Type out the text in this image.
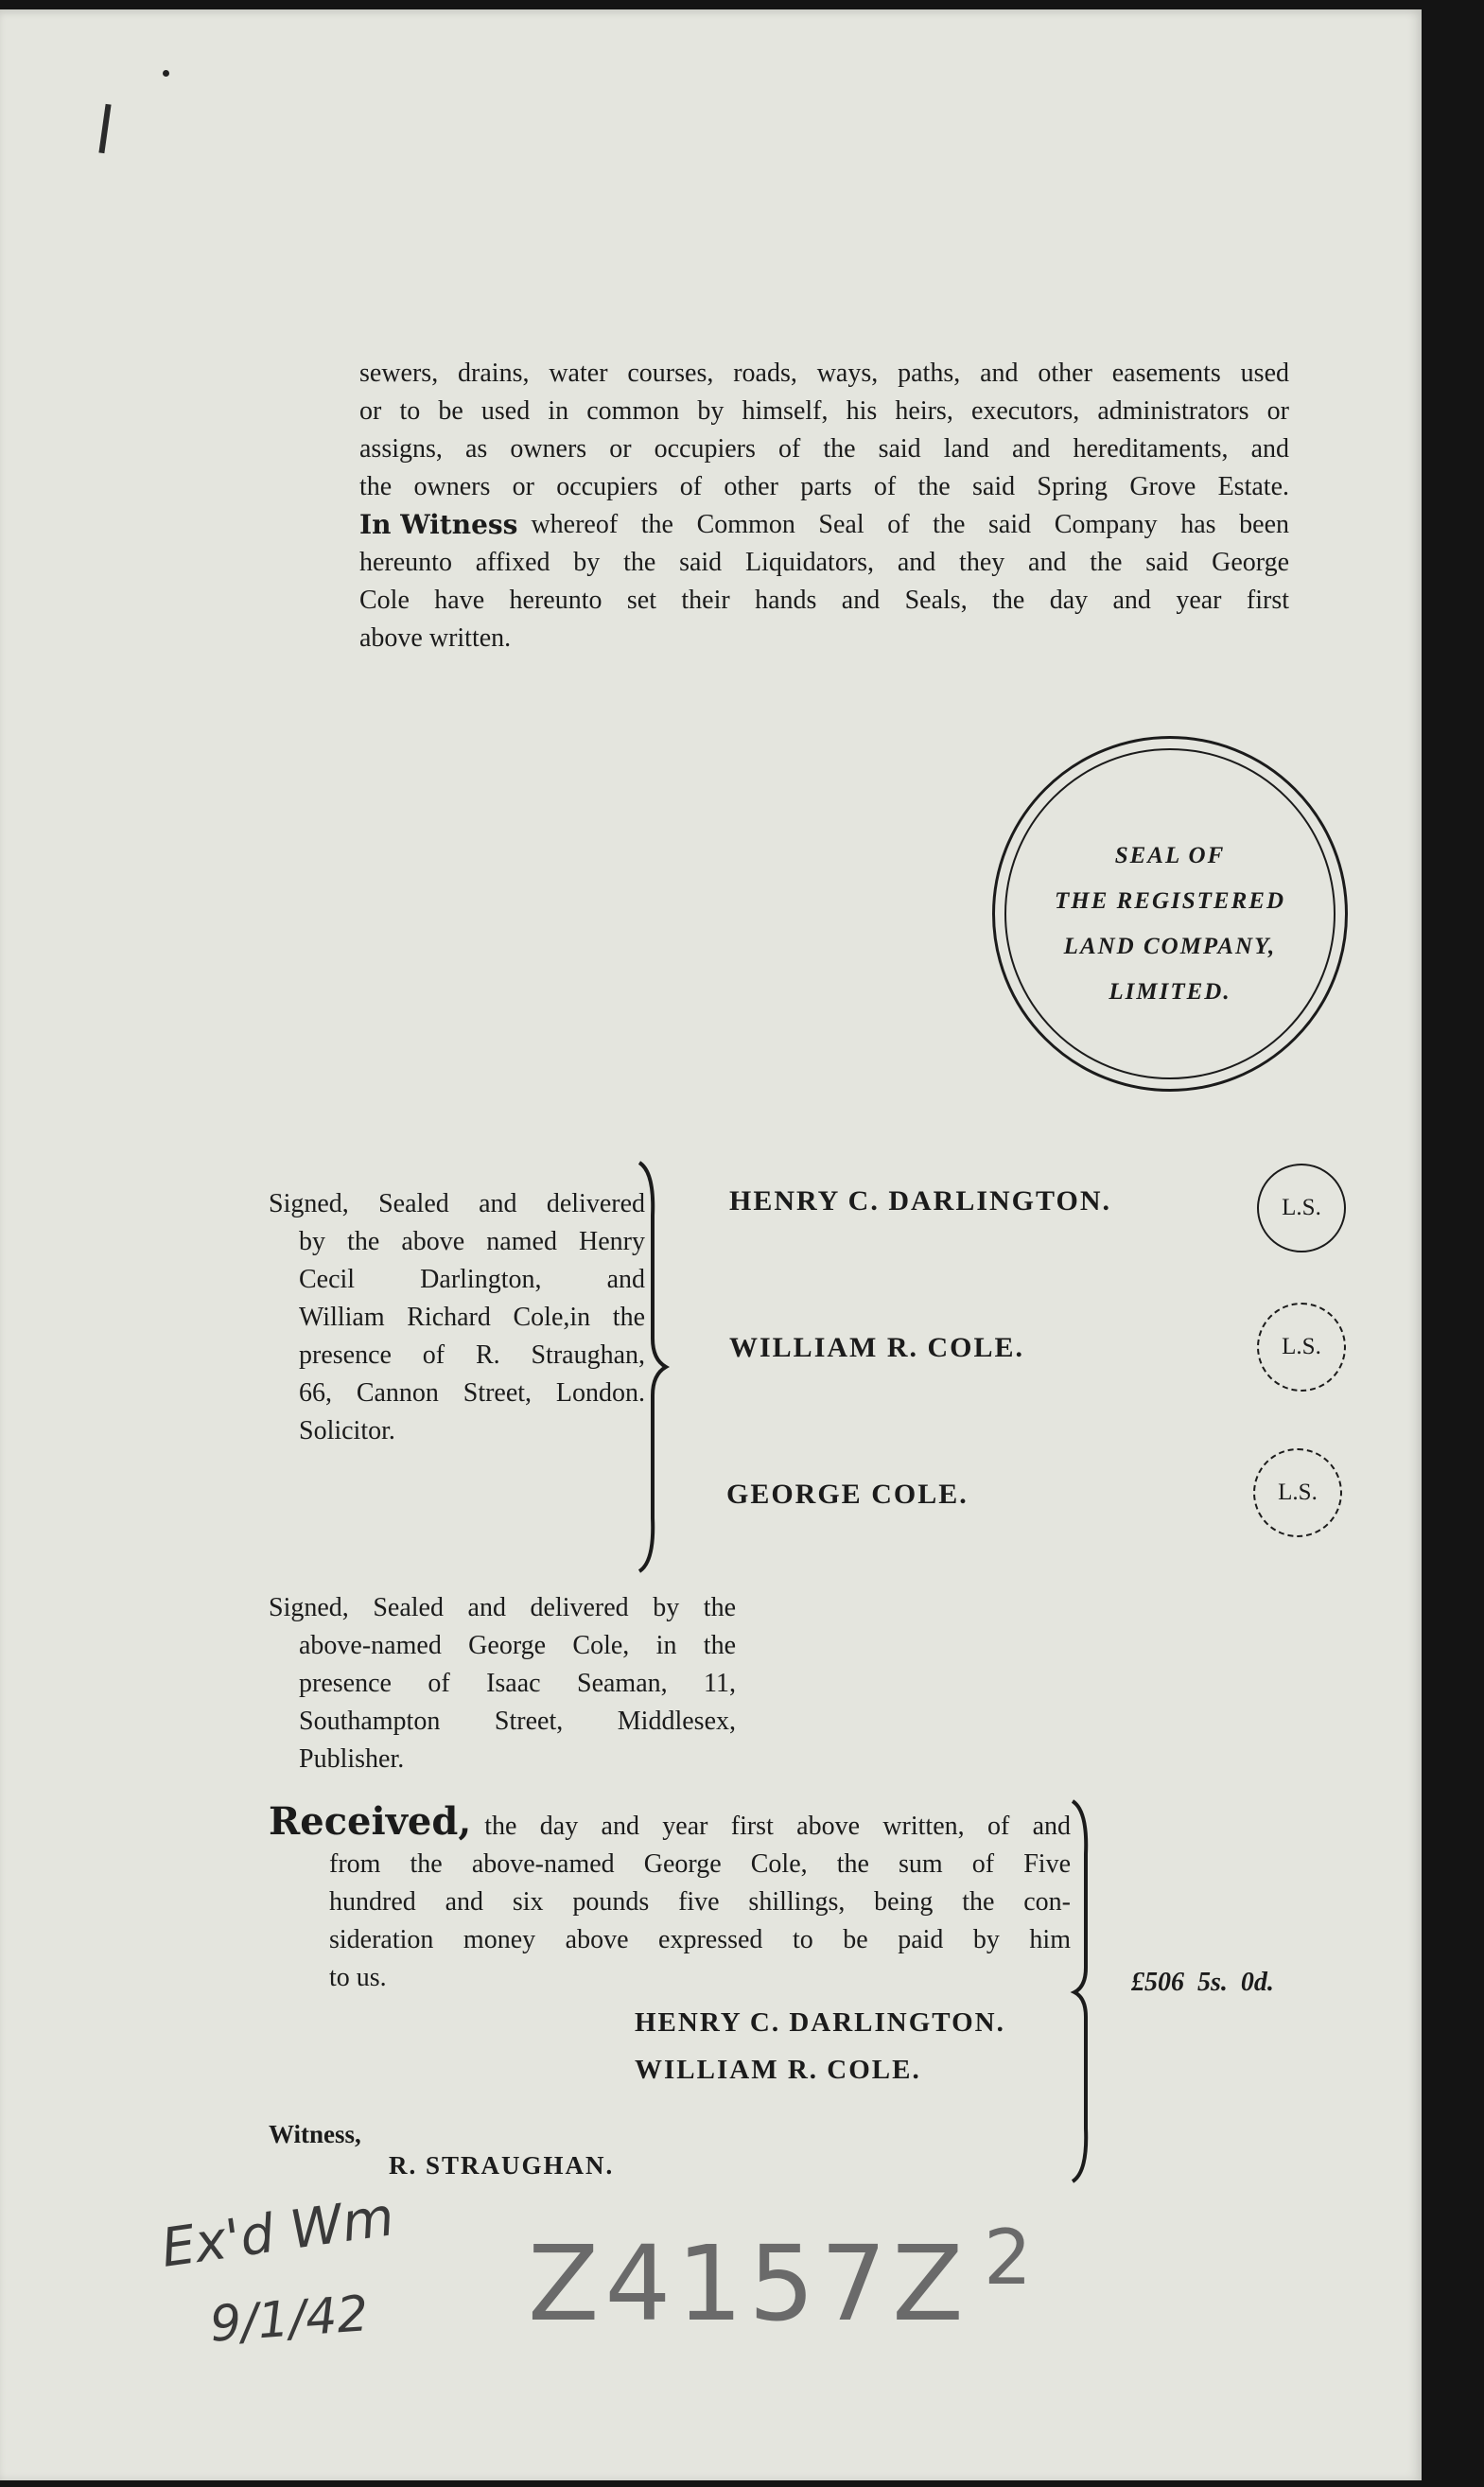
sewers, drains, water courses, roads, ways, paths, and other easements used
or to be used in common by himself, his heirs, executors, administrators or
assigns, as owners or occupiers of the said land and hereditaments, and
the owners or occupiers of other parts of the said Spring Grove Estate.
In Witness whereof the Common Seal of the said Company has been
hereunto affixed by the said Liquidators, and they and the said George
Cole have hereunto set their hands and Seals, the day and year first
above written.
SEAL OF
THE REGISTERED
LAND COMPANY,
LIMITED.
Signed, Sealed and delivered
by the above named Henry
Cecil Darlington, and
William Richard Cole,in the
presence of R. Straughan,
66, Cannon Street, London.
Solicitor.
HENRY C. DARLINGTON.	L.S.
WILLIAM R. COLE.	L.S.
GEORGE COLE.	L.S.
Signed, Sealed and delivered by the
above-named George Cole, in the
presence of Isaac Seaman, 11,
Southampton Street, Middlesex,
Publisher.
Received, the day and year first above written, of and
from the above-named George Cole, the sum of Five
hundred and six pounds five shillings, being the con-
sideration money above expressed to be paid by him
to us.
HENRY C. DARLINGTON.
WILLIAM R. COLE.
£506  5s.  0d.
Witness,
R. STRAUGHAN.
Ex'd Wm
9/1/42 Z4157Z 2
